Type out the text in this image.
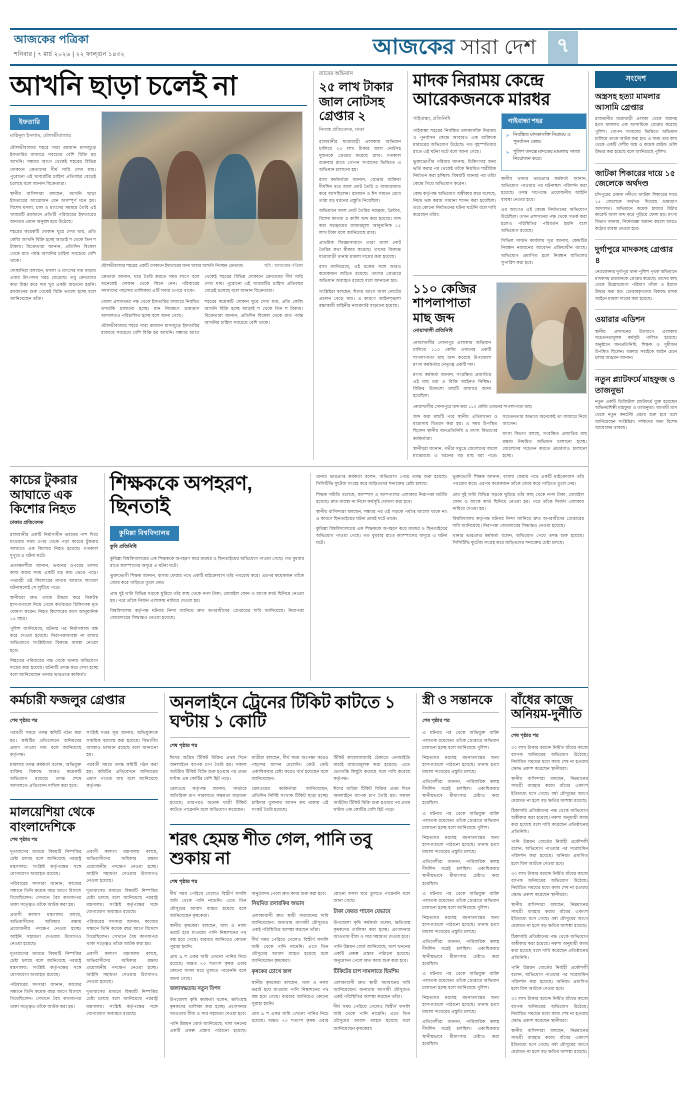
আজকের পত্রিকা
শনিবার | ৭ মার্চ ২০২৬ | ২২ ফাল্গুন ১৪৩২	আজকের সারা দেশ	৭
আখনি ছাড়া চলেই না
ইফতারি
মাহিনুল ইসলাম, মৌলভীবাজার

মৌলভীবাজার শহরে সারা রমজান মাসজুড়ে ইফতারির বাজারে সবচেয়ে বেশি বিক্রি হয় আখনি। সন্ধ্যার আগে থেকেই শহরের বিভিন্ন দোকানে ক্রেতাদের দীর্ঘ সারি দেখা যায়। পুরোনো এই খাবারটির চাহিদা প্রতিবছর বেড়েই চলেছে বলে জানান বিক্রেতারা।

স্থানীয় বাসিন্দারা বলছেন, আখনি ছাড়া ইফতারের আয়োজন যেন অসম্পূর্ণ মনে হয়। বিশেষ মসলা, চাল ও মাংসের সমন্বয়ে তৈরি এই খাবারটি রমজানে প্রতিটি পরিবারের ইফতারের অন্যতম প্রধান অনুষঙ্গ হয়ে উঠেছে।

শহরের কয়েকটি দোকান ঘুরে দেখা যায়, প্রতি কেজি আখনি বিক্রি হচ্ছে আড়াই শ থেকে তিন শ টাকায়। বিক্রেতারা জানান, প্রতিদিন বিকেল থেকে রাত পর্যন্ত আখনির চাহিদা সবচেয়ে বেশি থাকে।

দোকানিরা বলছেন, মসলা ও মাংসের দাম বাড়ায় এবার উৎপাদন খরচ বেড়েছে। তবু ক্রেতাদের কথা চিন্তা করে দাম খুব একটা বাড়ানো হয়নি। রমজানের শুরু থেকেই বিক্রি ভালো হচ্ছে বলে জানিয়েছেন তাঁরা।

মৌলভীবাজার শহরের একটি দোকানে ইফতারের জন্য খাবার আখনি নিচ্ছেন ক্রেতারা।	ছবি : আজকের পত্রিকা

ক্রেতারা জানান, ঘরে তৈরি করতে সময় লাগে বলে অনেকেই দোকান থেকে কিনে নেন। পরিবারের সদস্যদের পছন্দের তালিকায় এটি সবার ওপরে থাকে।

জেলা প্রশাসনের পক্ষ থেকে ইফতারির বাজারে নিয়মিত তদারকি চালানো হচ্ছে। মান নিয়ন্ত্রণে ভ্রাম্যমাণ আদালতও পরিচালিত হচ্ছে বলে জানা গেছে।

মৌলভীবাজার শহরে সারা রমজান মাসজুড়ে ইফতারির বাজারে সবচেয়ে বেশি বিক্রি হয় আখনি। সন্ধ্যার আগে থেকেই শহরের বিভিন্ন দোকানে ক্রেতাদের দীর্ঘ সারি দেখা যায়। পুরোনো এই খাবারটির চাহিদা প্রতিবছর বেড়েই চলেছে বলে জানান বিক্রেতারা।

শহরের কয়েকটি দোকান ঘুরে দেখা যায়, প্রতি কেজি আখনি বিক্রি হচ্ছে আড়াই শ থেকে তিন শ টাকায়। বিক্রেতারা জানান, প্রতিদিন বিকেল থেকে রাত পর্যন্ত আখনির চাহিদা সবচেয়ে বেশি থাকে।

র‍্যাবের অভিযান
২৫ লাখ টাকার জাল নোটসহ গ্রেপ্তার ২
নিজস্ব প্রতিবেদক, ঢাকা

রাজধানীর যাত্রাবাড়ী এলাকায় অভিযান চালিয়ে ২৫ লাখ টাকার জাল নোটসহ দুজনকে গ্রেপ্তার করেছে র‍্যাব। গতকাল শুক্রবার রাতে গোপন সংবাদের ভিত্তিতে এ অভিযান চালানো হয়।

র‍্যাব কর্মকর্তারা জানান, গ্রেপ্তার ব্যক্তিরা দীর্ঘদিন ধরে জাল নোট তৈরি ও বাজারজাত করে আসছিলেন। রমজান ও ঈদ সামনে রেখে তারা বড় ধরনের প্রস্তুতি নিয়েছিল।

অভিযানে জাল নোট তৈরির সরঞ্জাম, প্রিন্টার, বিশেষ কাগজ ও কালি জব্দ করা হয়েছে। জব্দ করা সরঞ্জামের বাজারমূল্য আনুমানিক ১২ লাখ টাকা বলে জানিয়েছে র‍্যাব।

প্রাথমিক জিজ্ঞাসাবাদে তারা জাল নোট তৈরির কথা স্বীকার করেছে। তাদের বিরুদ্ধে যাত্রাবাড়ী থানায় মামলা দায়ের করা হয়েছে।

র‍্যাব জানিয়েছে, এই চক্রের সঙ্গে আরও কয়েকজন জড়িত রয়েছে। তাদের গ্রেপ্তারে অভিযান অব্যাহত রয়েছে বলে জানানো হয়।

সংশ্লিষ্টরা বলছেন, ঈদের আগে জাল নোটের প্রচলন বেড়ে যায়। এ কারণে আইনশৃঙ্খলা রক্ষাকারী বাহিনীর নজরদারি বাড়ানো হয়েছে।

মাদক নিরাময় কেন্দ্রে আরেকজনকে মারধর
গাইবান্ধা, প্রতিনিধি

গাইবান্ধা শহরের নিবন্ধিত মাদকাসক্তি নিরাময় ও পুনর্বাসন কেন্দ্রে আবারও এক ব্যক্তিকে মারধরের অভিযোগ উঠেছে। গত বৃহস্পতিবার রাতে এই ঘটনা ঘটে বলে জানা গেছে।

ভুক্তভোগীর পরিবার জানায়, চিকিৎসার জন্য ভর্তি করার পর থেকেই তাঁকে নিয়মিত শারীরিক নির্যাতন করা হচ্ছিল। বিষয়টি জানার পর তাঁরা কেন্দ্রে গিয়ে অভিযোগ করেন।

কেন্দ্র কর্তৃপক্ষ অভিযোগ অস্বীকার করে বলেছে, নিয়ম ভঙ্গ করায় সামান্য শাসন করা হয়েছিল। তবে কোনো নির্যাতনের ঘটনা ঘটেনি বলে দাবি করেছেন তাঁরা।

গাইবান্ধা শহর
» নিবন্ধিত মাদকাসক্তি নিরাময় ও পুনর্বাসন কেন্দ্র।
» পুলিশ তদন্তে মাদকের মামলায় সাজা নিয়োজন করে।

স্থানীয় থানার ভারপ্রাপ্ত কর্মকর্তা জানান, অভিযোগ পাওয়ার পর ঘটনাস্থল পরিদর্শন করা হয়েছে। তদন্ত সাপেক্ষে প্রয়োজনীয় আইনি ব্যবস্থা নেওয়া হবে।

এর আগেও এই কেন্দ্রে নির্যাতনের অভিযোগ উঠেছিল। তখন প্রশাসনের পক্ষ থেকে সতর্ক করা হলেও পরিস্থিতির পরিবর্তন হয়নি বলে অভিযোগ রয়েছে।

সিভিল সার্জন কার্যালয় সূত্র জানায়, কেন্দ্রটির নিবন্ধন নবায়নের আবেদন প্রক্রিয়াধীন আছে। অভিযোগ প্রমাণিত হলে নিবন্ধন বাতিলের সুপারিশ করা হবে।

১১০ কেজির শাপলাপাতা মাছ জব্দ
নোয়াখালী প্রতিনিধি

নোয়াখালীর সোনাপুর এলাকায় অভিযান চালিয়ে ১১০ কেজি ওজনের একটি শাপলাপাতা মাছ জব্দ করেছে উপজেলা মৎস্য কর্মকর্তার নেতৃত্বে একটি দল।

মৎস্য কর্মকর্তা জানান, সংরক্ষিত প্রজাতির এই মাছ ধরা ও বিক্রি আইনত নিষিদ্ধ। বিক্রির উদ্দেশ্যে মাছটি বাজারে আনা হয়েছিল।

নোয়াখালীর সোনাপুরে জব্দ করা ১১০ কেজি ওজনের শাপলাপাতা মাছ।

জব্দ করা মাছটি পরে স্থানীয় এতিমখানা ও মাদ্রাসায় বিতরণ করা হয়। এ সময় উপস্থিত ছিলেন স্থানীয় জনপ্রতিনিধি ও মৎস্য বিভাগের কর্মকর্তারা।

স্থানীয়রা জানান, গভীর সমুদ্রে জেলেদের জালে মাঝেমধ্যে এ ধরনের বড় মাছ ধরা পড়ে। সচেতনতার অভাবে অনেকেই তা বাজারে নিয়ে আসেন।

মৎস্য বিভাগ বলছে, সংরক্ষিত প্রজাতির মাছ রক্ষায় নিয়মিত অভিযান চালানো হচ্ছে। জেলেদের সচেতন করতে প্রচারণাও চালানো হচ্ছে।

কাচের টুকরার আঘাতে এক কিশোর নিহত
ঢাকার প্রতিবেদক

রাজধানীর একটি নির্মাণাধীন ভবনের পাশ দিয়ে যাওয়ার সময় ওপর থেকে পড়া কাচের টুকরার আঘাতে এক কিশোর নিহত হয়েছে। গতকাল দুপুরে এ ঘটনা ঘটে।

প্রত্যক্ষদর্শীরা জানান, ভবনের ওপরের তলায় কাজ করার সময় একটি বড় কাচ ভেঙে পড়ে। পথচারী ওই কিশোরের মাথায় আঘাত লাগলে ঘটনাস্থলেই সে লুটিয়ে পড়ে।

স্থানীয়রা দ্রুত তাকে উদ্ধার করে নিকটস্থ হাসপাতালে নিয়ে গেলে কর্তব্যরত চিকিৎসক মৃত ঘোষণা করেন। নিহত কিশোরের বয়স আনুমানিক ১৫ বছর।

পুলিশ জানিয়েছে, ঘটনার পর নির্মাণকাজ বন্ধ করে দেওয়া হয়েছে। নিরাপত্তাব্যবস্থা না রাখার অভিযোগে সংশ্লিষ্টদের বিরুদ্ধে ব্যবস্থা নেওয়া হবে।

নিহতের পরিবারের পক্ষ থেকে থানায় অভিযোগ দায়ের করা হয়েছে। ঘটনাটি তদন্ত করে দেখা হচ্ছে বলে জানিয়েছেন থানার ভারপ্রাপ্ত কর্মকর্তা।

শিক্ষককে অপহরণ, ছিনতাই
কুমিল্লা বিশ্ববিদ্যালয়
কুবি প্রতিনিধি

কুমিল্লা বিশ্ববিদ্যালয়ের এক শিক্ষককে অপহরণ করে মারধর ও ছিনতাইয়ের অভিযোগ পাওয়া গেছে। গত বুধবার রাতে ক্যাম্পাসের অদূরে এ ঘটনা ঘটে।

ভুক্তভোগী শিক্ষক জানান, বাসায় ফেরার পথে একটি মাইক্রোবাস তাঁর পথরোধ করে। এরপর কয়েকজন তাঁকে জোর করে গাড়িতে তুলে নেয়।

প্রায় দুই ঘণ্টা বিভিন্ন সড়কে ঘুরিয়ে তাঁর কাছ থেকে নগদ টাকা, মোবাইল ফোন ও ব্যাংক কার্ড ছিনিয়ে নেওয়া হয়। পরে তাঁকে নির্জন এলাকায় নামিয়ে দেওয়া হয়।

বিশ্ববিদ্যালয় কর্তৃপক্ষ ঘটনার নিন্দা জানিয়ে দ্রুত অপরাধীদের গ্রেপ্তারের দাবি জানিয়েছে। নিরাপত্তা জোরদারের সিদ্ধান্তও নেওয়া হয়েছে।

থানার ভারপ্রাপ্ত কর্মকর্তা বলেন, অভিযোগ পেয়ে তদন্ত শুরু হয়েছে। সিসিটিভি ফুটেজ সংগ্রহ করে জড়িতদের শনাক্তের চেষ্টা চলছে।

শিক্ষক সমিতি বলেছে, ক্যাম্পাস ও আশপাশের এলাকায় নিরাপত্তা ঘাটতি রয়েছে। দ্রুত ব্যবস্থা না নিলে কর্মসূচি ঘোষণা করা হবে।

স্থানীয় বাসিন্দারা বলছেন, সন্ধ্যার পর ওই সড়কে পর্যাপ্ত আলো থাকে না। এ কারণে ছিনতাইয়ের ঘটনা প্রায়ই ঘটে থাকে।

কুমিল্লা বিশ্ববিদ্যালয়ের এক শিক্ষককে অপহরণ করে মারধর ও ছিনতাইয়ের অভিযোগ পাওয়া গেছে। গত বুধবার রাতে ক্যাম্পাসের অদূরে এ ঘটনা ঘটে।

ভুক্তভোগী শিক্ষক জানান, বাসায় ফেরার পথে একটি মাইক্রোবাস তাঁর পথরোধ করে। এরপর কয়েকজন তাঁকে জোর করে গাড়িতে তুলে নেয়।

প্রায় দুই ঘণ্টা বিভিন্ন সড়কে ঘুরিয়ে তাঁর কাছ থেকে নগদ টাকা, মোবাইল ফোন ও ব্যাংক কার্ড ছিনিয়ে নেওয়া হয়। পরে তাঁকে নির্জন এলাকায় নামিয়ে দেওয়া হয়।

বিশ্ববিদ্যালয় কর্তৃপক্ষ ঘটনার নিন্দা জানিয়ে দ্রুত অপরাধীদের গ্রেপ্তারের দাবি জানিয়েছে। নিরাপত্তা জোরদারের সিদ্ধান্তও নেওয়া হয়েছে।

থানার ভারপ্রাপ্ত কর্মকর্তা বলেন, অভিযোগ পেয়ে তদন্ত শুরু হয়েছে। সিসিটিভি ফুটেজ সংগ্রহ করে জড়িতদের শনাক্তের চেষ্টা চলছে।

কর্মচারী ফজলুর গ্রেপ্তার
শেষ পৃষ্ঠার পর

পরবর্তী সময়ে তদন্ত কমিটি গঠন করা হয়। কমিটির প্রতিবেদনে অনিয়মের প্রমাণ পাওয়া যায় বলে জানিয়েছে কর্তৃপক্ষ।

মামলার তদন্ত কর্মকর্তা বলেন, অভিযুক্ত ব্যক্তির বিরুদ্ধে আরও কয়েকটি অভিযোগ রয়েছে। তদন্ত শেষে আদালতে প্রতিবেদন দাখিল করা হবে।

সংশ্লিষ্ট দপ্তর সূত্র জানায়, অভিযুক্তকে সাময়িক বরখাস্ত করা হয়েছে। বিভাগীয় ব্যবস্থাও চলমান রয়েছে বলে জানানো হয়।

পরবর্তী সময়ে তদন্ত কমিটি গঠন করা হয়। কমিটির প্রতিবেদনে অনিয়মের প্রমাণ পাওয়া যায় বলে জানিয়েছে কর্তৃপক্ষ।

মালয়েশিয়া থেকে বাংলাদেশিকে
শেষ পৃষ্ঠার পর

দূতাবাসের মাধ্যমে বিষয়টি নিষ্পত্তির চেষ্টা চলছে বলে জানিয়েছে পররাষ্ট্র মন্ত্রণালয়। সংশ্লিষ্ট কর্তৃপক্ষের সঙ্গে যোগাযোগ অব্যাহত রয়েছে।

পরিবারের সদস্যরা জানান, কাজের সন্ধানে তিনি কয়েক বছর আগে বিদেশে গিয়েছিলেন। সেখানে বৈধ কাগজপত্র থাকা সত্ত্বেও তাঁকে আটক করা হয়।

প্রবাসী কল্যাণ মন্ত্রণালয় বলছে, অভিবাসীদের অধিকার রক্ষায় প্রয়োজনীয় পদক্ষেপ নেওয়া হচ্ছে। আইনি সহায়তা দেওয়ার উদ্যোগও নেওয়া হয়েছে।

দূতাবাসের মাধ্যমে বিষয়টি নিষ্পত্তির চেষ্টা চলছে বলে জানিয়েছে পররাষ্ট্র মন্ত্রণালয়। সংশ্লিষ্ট কর্তৃপক্ষের সঙ্গে যোগাযোগ অব্যাহত রয়েছে।

পরিবারের সদস্যরা জানান, কাজের সন্ধানে তিনি কয়েক বছর আগে বিদেশে গিয়েছিলেন। সেখানে বৈধ কাগজপত্র থাকা সত্ত্বেও তাঁকে আটক করা হয়।

প্রবাসী কল্যাণ মন্ত্রণালয় বলছে, অভিবাসীদের অধিকার রক্ষায় প্রয়োজনীয় পদক্ষেপ নেওয়া হচ্ছে। আইনি সহায়তা দেওয়ার উদ্যোগও নেওয়া হয়েছে।

দূতাবাসের মাধ্যমে বিষয়টি নিষ্পত্তির চেষ্টা চলছে বলে জানিয়েছে পররাষ্ট্র মন্ত্রণালয়। সংশ্লিষ্ট কর্তৃপক্ষের সঙ্গে যোগাযোগ অব্যাহত রয়েছে।

পরিবারের সদস্যরা জানান, কাজের সন্ধানে তিনি কয়েক বছর আগে বিদেশে গিয়েছিলেন। সেখানে বৈধ কাগজপত্র থাকা সত্ত্বেও তাঁকে আটক করা হয়।

প্রবাসী কল্যাণ মন্ত্রণালয় বলছে, অভিবাসীদের অধিকার রক্ষায় প্রয়োজনীয় পদক্ষেপ নেওয়া হচ্ছে। আইনি সহায়তা দেওয়ার উদ্যোগও নেওয়া হয়েছে।

দূতাবাসের মাধ্যমে বিষয়টি নিষ্পত্তির চেষ্টা চলছে বলে জানিয়েছে পররাষ্ট্র মন্ত্রণালয়। সংশ্লিষ্ট কর্তৃপক্ষের সঙ্গে যোগাযোগ অব্যাহত রয়েছে।

অনলাইনে ট্রেনের টিকিট কাটতে ১ ঘণ্টায় ১ কোটি
শেষ পৃষ্ঠার পর

ঈদের অগ্রিম টিকিট বিক্রির প্রথম দিনে অনলাইনে ব্যাপক চাপ তৈরি হয়। সকাল আটটায় টিকিট বিক্রি শুরু হওয়ার পর প্রথম ঘণ্টায় এক কোটির বেশি হিট পড়ে।

রেলওয়ে কর্তৃপক্ষ জানায়, সার্ভারে অতিরিক্ত চাপ সামলাতে সক্ষমতা বাড়ানো হয়েছে। তারপরও অনেক যাত্রী টিকিট কাটতে পারেননি বলে অভিযোগ করেছেন।

যাত্রীরা বলছেন, দীর্ঘ সময় অপেক্ষা করেও পছন্দের আসন মেলেনি। কেউ কেউ একাধিকবার চেষ্টা করেও ব্যর্থ হয়েছেন বলে জানিয়েছেন।

রেলওয়ের কর্মকর্তারা জানিয়েছেন, প্রতিদিন নির্দিষ্ট সংখ্যক টিকিট ছাড়া হচ্ছে। চাহিদার তুলনায় আসন কম থাকায় এই সংকট তৈরি হয়েছে।

টিকিট কালোবাজারি ঠেকাতে এনআইডি যাচাই বাধ্যতামূলক করা হয়েছে। এতে ভোগান্তি কিছুটা কমেছে বলে দাবি করেছে কর্তৃপক্ষ।

ঈদের অগ্রিম টিকিট বিক্রির প্রথম দিনে অনলাইনে ব্যাপক চাপ তৈরি হয়। সকাল আটটায় টিকিট বিক্রি শুরু হওয়ার পর প্রথম ঘণ্টায় এক কোটির বেশি হিট পড়ে।

শরৎ হেমন্ত শীত গেল, পানি তবু শুকায় না
শেষ পৃষ্ঠার পর

দীর্ঘ সময় পেরিয়ে গেলেও বিস্তীর্ণ ফসলি জমি থেকে পানি নামেনি। এতে তিন মৌসুমের আবাদ ব্যাহত হয়েছে বলে জানিয়েছেন কৃষকেরা।

স্থানীয় কৃষকেরা বলছেন, খাল ও নালা ভরাট হয়ে যাওয়ায় পানি নিষ্কাশনের পথ বন্ধ হয়ে গেছে। বারবার জানিয়েও কোনো সুরাহা হয়নি।

প্রায় ৯ শ একর জমি এখনো পানির নিচে রয়েছে। অন্তত ৭০ শতাংশ কৃষক এবার কোনো ফসল ঘরে তুলতে পারেননি বলে জানা গেছে।

জলাবদ্ধতায় নতুন বিপদ

উপজেলা কৃষি কর্মকর্তা বলেন, ক্ষতিগ্রস্ত কৃষকদের তালিকা করা হচ্ছে। প্রণোদনার আওতায় বীজ ও সার সহায়তা দেওয়া হবে।

পানি উন্নয়ন বোর্ড জানিয়েছে, খাল খননের একটি প্রকল্প প্রস্তাব পাঠানো হয়েছে। অনুমোদন পেলে দ্রুত কাজ শুরু করা হবে।

নিয়মিত তদারকির অভাব

এলাকাবাসী দ্রুত স্থায়ী সমাধানের দাবি জানিয়েছেন। অন্যথায় আগামী মৌসুমেও একই পরিস্থিতির আশঙ্কা করছেন তাঁরা।

দীর্ঘ সময় পেরিয়ে গেলেও বিস্তীর্ণ ফসলি জমি থেকে পানি নামেনি। এতে তিন মৌসুমের আবাদ ব্যাহত হয়েছে বলে জানিয়েছেন কৃষকেরা।

কৃষকের চোখে জল

স্থানীয় কৃষকেরা বলছেন, খাল ও নালা ভরাট হয়ে যাওয়ায় পানি নিষ্কাশনের পথ বন্ধ হয়ে গেছে। বারবার জানিয়েও কোনো সুরাহা হয়নি।

প্রায় ৯ শ একর জমি এখনো পানির নিচে রয়েছে। অন্তত ৭০ শতাংশ কৃষক এবার কোনো ফসল ঘরে তুলতে পারেননি বলে জানা গেছে।

টাকা ফেরত পাবেন যেভাবে

উপজেলা কৃষি কর্মকর্তা বলেন, ক্ষতিগ্রস্ত কৃষকদের তালিকা করা হচ্ছে। প্রণোদনার আওতায় বীজ ও সার সহায়তা দেওয়া হবে।

পানি উন্নয়ন বোর্ড জানিয়েছে, খাল খননের একটি প্রকল্প প্রস্তাব পাঠানো হয়েছে। অনুমোদন পেলে দ্রুত কাজ শুরু করা হবে।

টিকিটের চাপ সামলাতে হিমশিম

এলাকাবাসী দ্রুত স্থায়ী সমাধানের দাবি জানিয়েছেন। অন্যথায় আগামী মৌসুমেও একই পরিস্থিতির আশঙ্কা করছেন তাঁরা।

দীর্ঘ সময় পেরিয়ে গেলেও বিস্তীর্ণ ফসলি জমি থেকে পানি নামেনি। এতে তিন মৌসুমের আবাদ ব্যাহত হয়েছে বলে জানিয়েছেন কৃষকেরা।

স্ত্রী ও সন্তানকে
শেষ পৃষ্ঠার পর

এ ঘটনার পর থেকে অভিযুক্ত ব্যক্তি পলাতক রয়েছেন। তাঁকে গ্রেপ্তারে অভিযান চালানো হচ্ছে বলে জানিয়েছে পুলিশ।

নিহতদের মরদেহ ময়নাতদন্তের জন্য হাসপাতালে পাঠানো হয়েছে। থানায় হত্যা মামলা দায়েরের প্রস্তুতি চলছে।

প্রতিবেশীরা জানান, পারিবারিক কলহ দীর্ঘদিন ধরেই চলছিল। একাধিকবার স্থানীয়ভাবে মীমাংসার চেষ্টাও করা হয়েছিল।

এ ঘটনার পর থেকে অভিযুক্ত ব্যক্তি পলাতক রয়েছেন। তাঁকে গ্রেপ্তারে অভিযান চালানো হচ্ছে বলে জানিয়েছে পুলিশ।

নিহতদের মরদেহ ময়নাতদন্তের জন্য হাসপাতালে পাঠানো হয়েছে। থানায় হত্যা মামলা দায়েরের প্রস্তুতি চলছে।

প্রতিবেশীরা জানান, পারিবারিক কলহ দীর্ঘদিন ধরেই চলছিল। একাধিকবার স্থানীয়ভাবে মীমাংসার চেষ্টাও করা হয়েছিল।

এ ঘটনার পর থেকে অভিযুক্ত ব্যক্তি পলাতক রয়েছেন। তাঁকে গ্রেপ্তারে অভিযান চালানো হচ্ছে বলে জানিয়েছে পুলিশ।

নিহতদের মরদেহ ময়নাতদন্তের জন্য হাসপাতালে পাঠানো হয়েছে। থানায় হত্যা মামলা দায়েরের প্রস্তুতি চলছে।

প্রতিবেশীরা জানান, পারিবারিক কলহ দীর্ঘদিন ধরেই চলছিল। একাধিকবার স্থানীয়ভাবে মীমাংসার চেষ্টাও করা হয়েছিল।

এ ঘটনার পর থেকে অভিযুক্ত ব্যক্তি পলাতক রয়েছেন। তাঁকে গ্রেপ্তারে অভিযান চালানো হচ্ছে বলে জানিয়েছে পুলিশ।

নিহতদের মরদেহ ময়নাতদন্তের জন্য হাসপাতালে পাঠানো হয়েছে। থানায় হত্যা মামলা দায়েরের প্রস্তুতি চলছে।

প্রতিবেশীরা জানান, পারিবারিক কলহ দীর্ঘদিন ধরেই চলছিল। একাধিকবার স্থানীয়ভাবে মীমাংসার চেষ্টাও করা হয়েছিল।

বাঁধের কাজে অনিয়ম-দুর্নীতি
শেষ পৃষ্ঠার পর

৩০ লাখ টাকার বরাদ্দে নির্মিত বাঁধের কাজে ব্যাপক অনিয়মের অভিযোগ উঠেছে। নির্ধারিত সময়ের মধ্যে কাজ শেষ না হওয়ায় ক্ষোভ প্রকাশ করেছেন স্থানীয়রা।

স্থানীয় বাসিন্দারা বলছেন, নিম্নমানের সামগ্রী ব্যবহার করায় বাঁধের একাংশ ইতিমধ্যে ধসে গেছে। বর্ষা মৌসুমের আগে মেরামত না হলে বড় ক্ষতির আশঙ্কা রয়েছে।

ঠিকাদারি প্রতিষ্ঠানের পক্ষ থেকে অভিযোগ অস্বীকার করা হয়েছে। নকশা অনুযায়ী কাজ করা হয়েছে বলে দাবি করেছেন প্রতিষ্ঠানের প্রতিনিধি।

পানি উন্নয়ন বোর্ডের নির্বাহী প্রকৌশলী বলেন, অভিযোগ পাওয়ার পর সরেজমিন পরিদর্শন করা হয়েছে। অনিয়ম প্রমাণিত হলে বিল আটকে দেওয়া হবে।

৩০ লাখ টাকার বরাদ্দে নির্মিত বাঁধের কাজে ব্যাপক অনিয়মের অভিযোগ উঠেছে। নির্ধারিত সময়ের মধ্যে কাজ শেষ না হওয়ায় ক্ষোভ প্রকাশ করেছেন স্থানীয়রা।

স্থানীয় বাসিন্দারা বলছেন, নিম্নমানের সামগ্রী ব্যবহার করায় বাঁধের একাংশ ইতিমধ্যে ধসে গেছে। বর্ষা মৌসুমের আগে মেরামত না হলে বড় ক্ষতির আশঙ্কা রয়েছে।

ঠিকাদারি প্রতিষ্ঠানের পক্ষ থেকে অভিযোগ অস্বীকার করা হয়েছে। নকশা অনুযায়ী কাজ করা হয়েছে বলে দাবি করেছেন প্রতিষ্ঠানের প্রতিনিধি।

পানি উন্নয়ন বোর্ডের নির্বাহী প্রকৌশলী বলেন, অভিযোগ পাওয়ার পর সরেজমিন পরিদর্শন করা হয়েছে। অনিয়ম প্রমাণিত হলে বিল আটকে দেওয়া হবে।

৩০ লাখ টাকার বরাদ্দে নির্মিত বাঁধের কাজে ব্যাপক অনিয়মের অভিযোগ উঠেছে। নির্ধারিত সময়ের মধ্যে কাজ শেষ না হওয়ায় ক্ষোভ প্রকাশ করেছেন স্থানীয়রা।

স্থানীয় বাসিন্দারা বলছেন, নিম্নমানের সামগ্রী ব্যবহার করায় বাঁধের একাংশ ইতিমধ্যে ধসে গেছে। বর্ষা মৌসুমের আগে মেরামত না হলে বড় ক্ষতির আশঙ্কা রয়েছে।

সংদেশ
অস্ত্রসহ হত্যা মামলার আসামি গ্রেপ্তার
রাজধানীর যাত্রাবাড়ী এলাকা থেকে অস্ত্রসহ হত্যা মামলার এক আসামিকে গ্রেপ্তার করেছে পুলিশ। গোপন সংবাদের ভিত্তিতে অভিযান চালিয়ে তাকে আটক করা হয়। এ সময় তার কাছ থেকে একটি দেশীয় অস্ত্র ও কয়েক রাউন্ড গুলি উদ্ধার করা হয়েছে বলে জানিয়েছে পুলিশ।
জাটকা শিকারের দায়ে ১৫ জেলেকে অর্থদণ্ড
চাঁদপুরের মেঘনা নদীতে জাটকা শিকারের দায়ে ১৫ জেলেকে অর্থদণ্ড দিয়েছে ভ্রাম্যমাণ আদালত। অভিযানে কয়েক হাজার মিটার কারেন্ট জাল জব্দ করে পুড়িয়ে ফেলা হয়। মৎস্য বিভাগ জানায়, নিষেধাজ্ঞা অমান্য করলে আরও কঠোর ব্যবস্থা নেওয়া হবে।
দুর্গাপুরে মাদকসহ গ্রেপ্তার ৪
নেত্রকোনার দুর্গাপুর থানা-পুলিশ পৃথক অভিযানে মাদকসহ চারজনকে গ্রেপ্তার করেছে। তাদের কাছ থেকে উল্লেখযোগ্য পরিমাণ গাঁজা ও ইয়াবা উদ্ধার করা হয়। গ্রেপ্তারকৃতদের বিরুদ্ধে মাদক আইনে মামলা দায়ের করা হয়েছে।
ওয়ারার এডিশন
স্থানীয় প্রশাসনের উদ্যোগে এলাকায় সচেতনতামূলক কর্মসূচি পালিত হয়েছে। অনুষ্ঠানে জনপ্রতিনিধি, শিক্ষক ও সুধীজন উপস্থিত ছিলেন। বক্তারা সবাইকে আইন মেনে চলার আহ্বান জানান।
নতুন প্ল্যাটফর্মে মাহফুজ ও তাজনুভা
নতুন একটি ডিজিটাল প্ল্যাটফর্মে যুক্ত হয়েছেন অভিনয়শিল্পী মাহফুজ ও তাজনুভা। আগামী মাস থেকে নতুন কনটেন্ট প্রচার শুরু হবে বলে জানিয়েছেন সংশ্লিষ্টরা। দর্শকদের জন্য বিশেষ আয়োজন থাকছে।
